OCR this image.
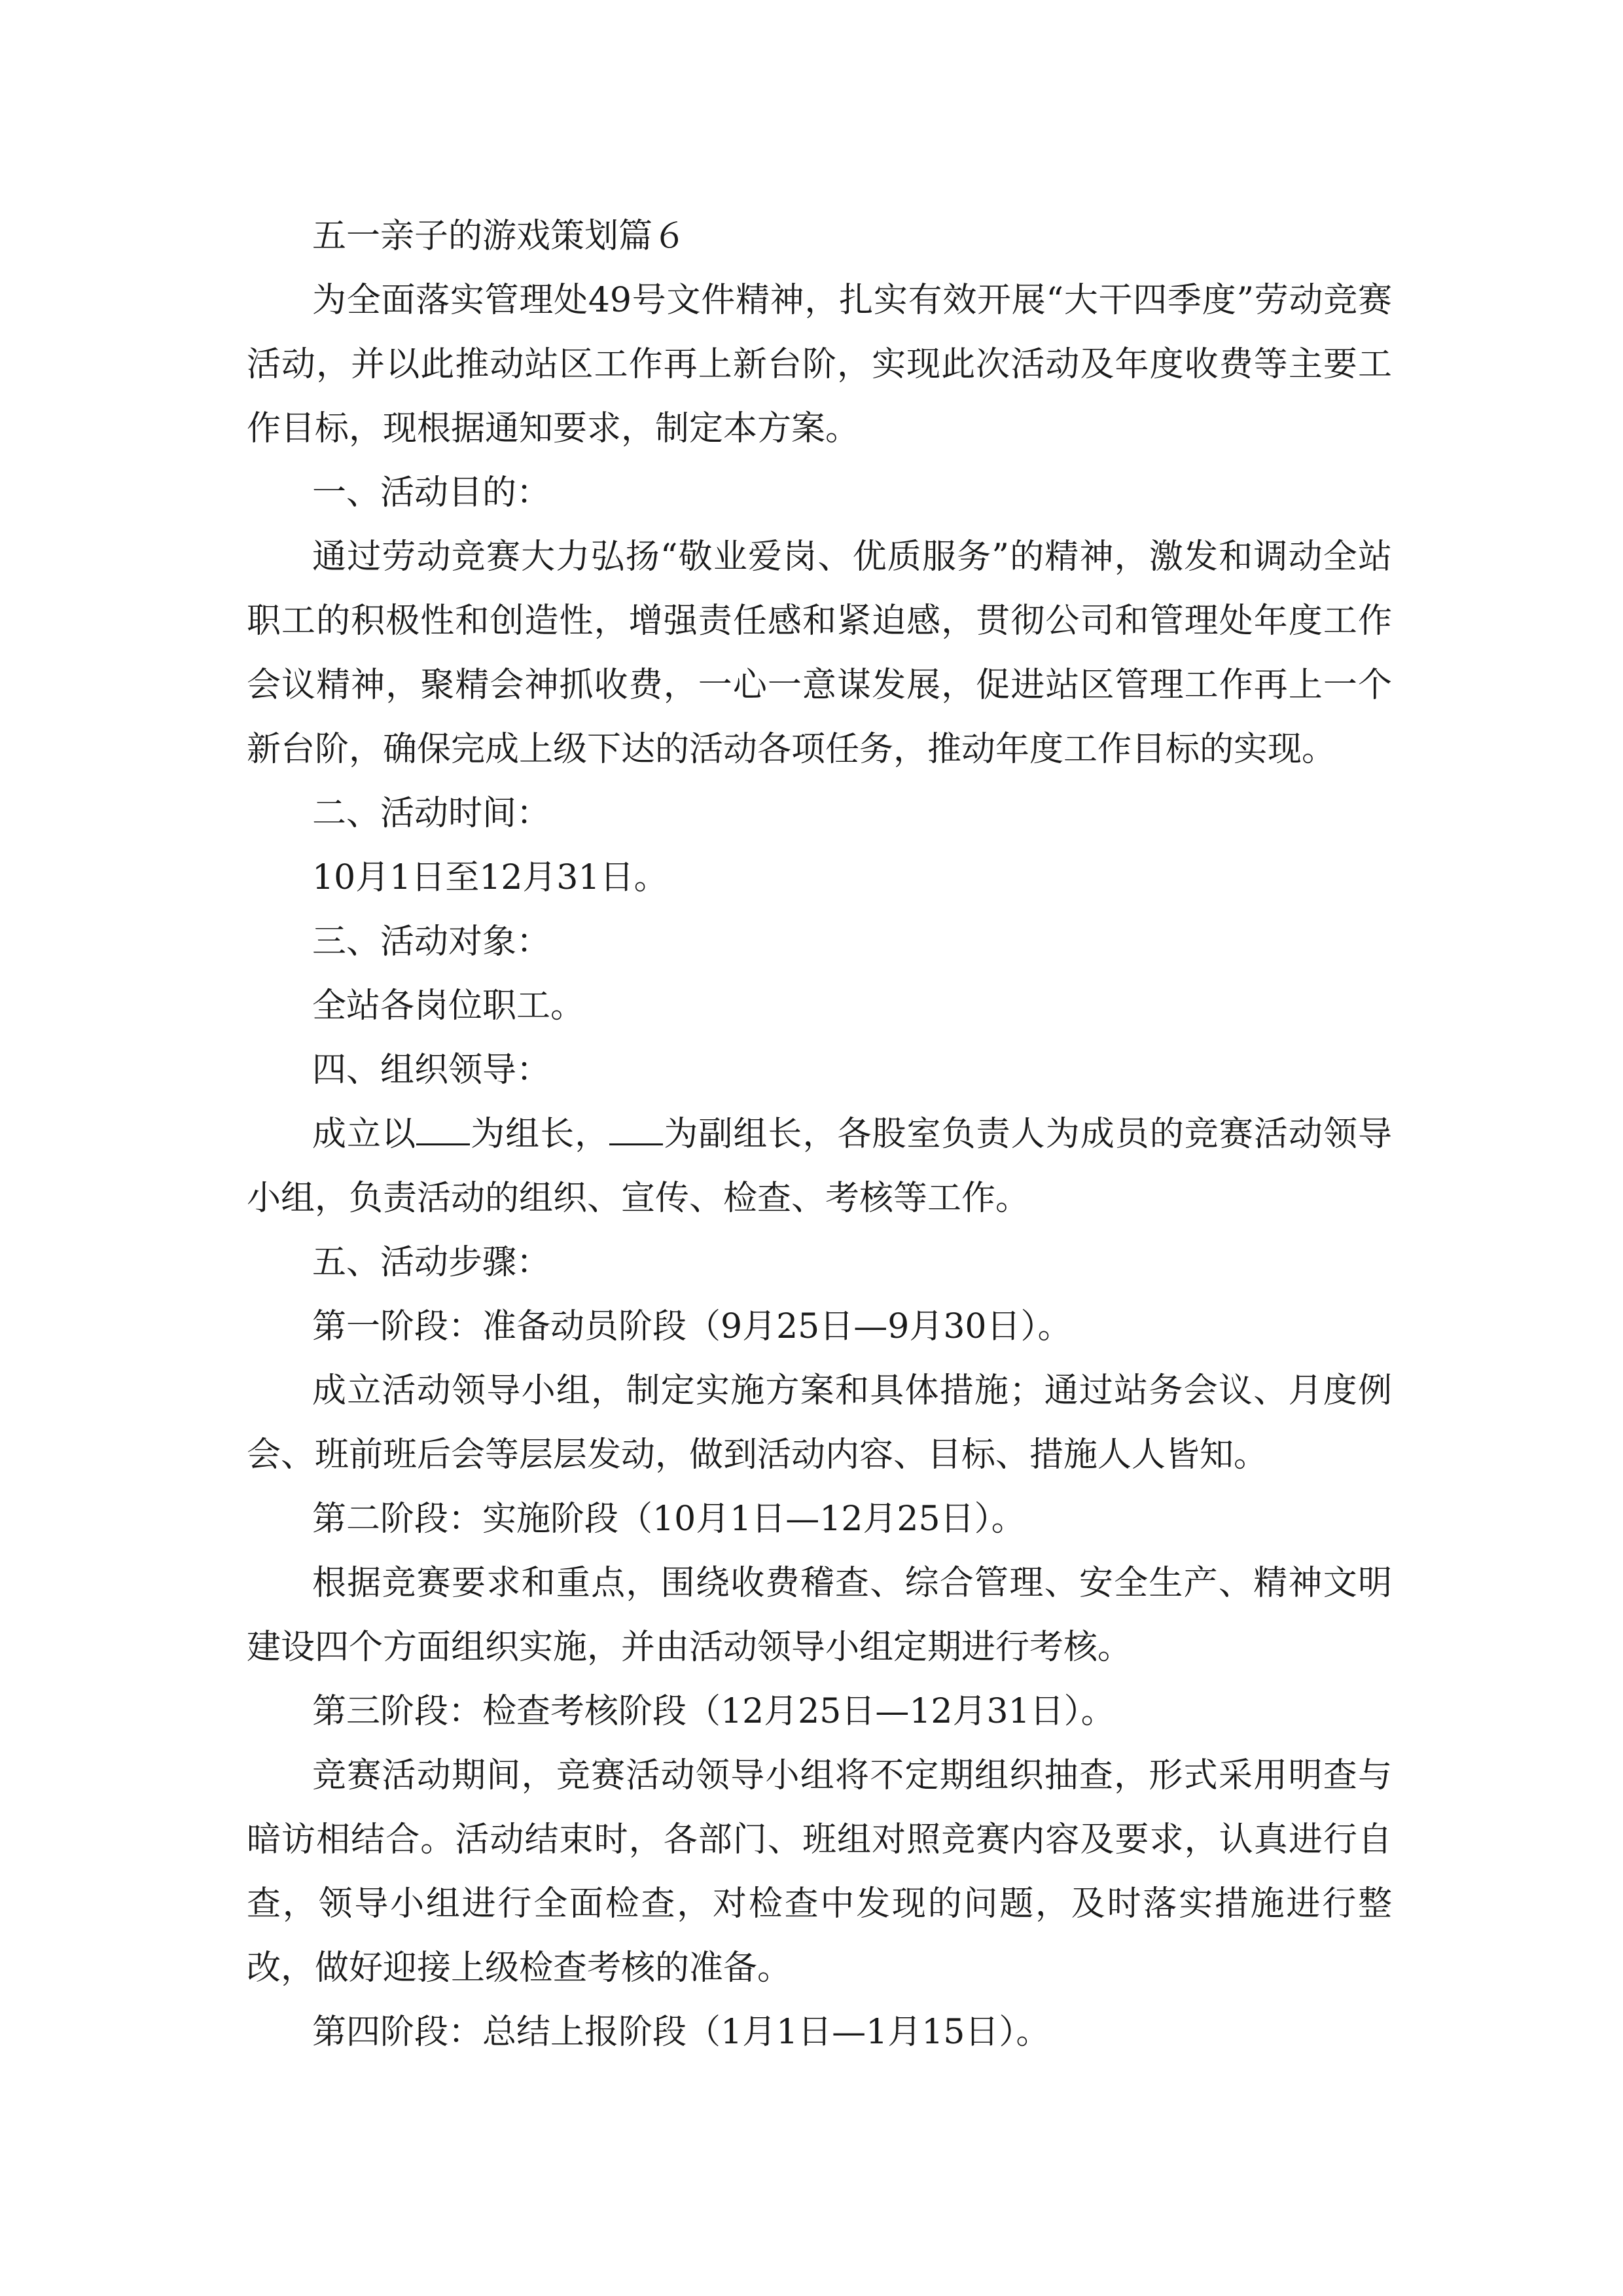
五一亲子的游戏策划篇６

为全面落实管理处49号文件精神，扎实有效开展“大干四季度”劳动竞赛活动，并以此推动站区工作再上新台阶，实现此次活动及年度收费等主要工作目标，现根据通知要求，制定本方案。

一、活动目的：

通过劳动竞赛大力弘扬“敬业爱岗、优质服务”的精神，激发和调动全站职工的积极性和创造性，增强责任感和紧迫感，贯彻公司和管理处年度工作会议精神，聚精会神抓收费，一心一意谋发展，促进站区管理工作再上一个新台阶，确保完成上级下达的活动各项任务，推动年度工作目标的实现。

二、活动时间：

10月1日至12月31日。

三、活动对象：

全站各岗位职工。

四、组织领导：

成立以 为组长， 为副组长，各股室负责人为成员的竞赛活动领导小组，负责活动的组织、宣传、检查、考核等工作。

五、活动步骤：

第一阶段：准备动员阶段（9月25日—9月30日）。

成立活动领导小组，制定实施方案和具体措施；通过站务会议、月度例会、班前班后会等层层发动，做到活动内容、目标、措施人人皆知。

第二阶段：实施阶段（10月1日—12月25日）。

根据竞赛要求和重点，围绕收费稽查、综合管理、安全生产、精神文明建设四个方面组织实施，并由活动领导小组定期进行考核。

第三阶段：检查考核阶段（12月25日—12月31日）。

竞赛活动期间，竞赛活动领导小组将不定期组织抽查，形式采用明查与暗访相结合。活动结束时，各部门、班组对照竞赛内容及要求，认真进行自查，领导小组进行全面检查，对检查中发现的问题，及时落实措施进行整改，做好迎接上级检查考核的准备。

第四阶段：总结上报阶段（1月1日—1月15日）。
